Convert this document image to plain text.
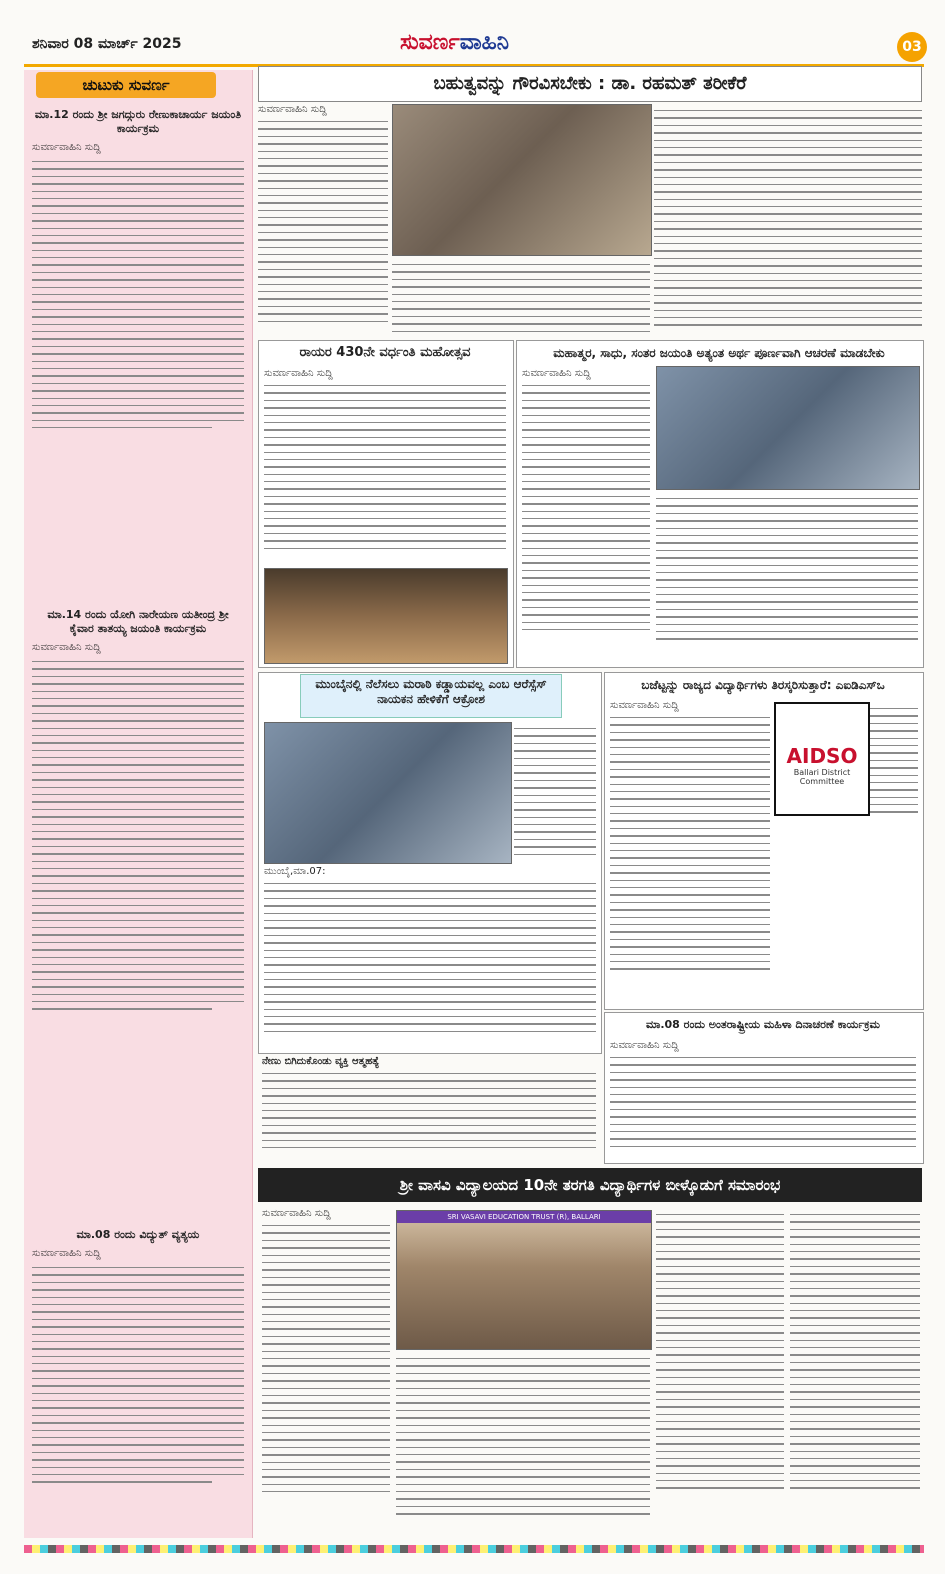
ಶನಿವಾರ 08 ಮಾರ್ಚ್ 2025	ಸುವರ್ಣವಾಹಿನಿ	03
ಚುಟುಕು ಸುವರ್ಣ
ಮಾ.12 ರಂದು ಶ್ರೀ ಜಗದ್ಗುರು ರೇಣುಕಾಚಾರ್ಯ ಜಯಂತಿ ಕಾರ್ಯಕ್ರಮ
ಸುವರ್ಣವಾಹಿನಿ ಸುದ್ದಿ
ಮಾ.14 ರಂದು ಯೋಗಿ ನಾರೇಯಣ ಯತೀಂದ್ರ ಶ್ರೀ ಕೈವಾರ ತಾತಯ್ಯ ಜಯಂತಿ ಕಾರ್ಯಕ್ರಮ
ಸುವರ್ಣವಾಹಿನಿ ಸುದ್ದಿ
ಮಾ.08 ರಂದು ವಿದ್ಯುತ್ ವ್ಯತ್ಯಯ
ಸುವರ್ಣವಾಹಿನಿ ಸುದ್ದಿ
ಬಹುತ್ವವನ್ನು ಗೌರವಿಸಬೇಕು : ಡಾ. ರಹಮತ್ ತರೀಕೆರೆ
ಸುವರ್ಣವಾಹಿನಿ ಸುದ್ದಿ
ರಾಯರ 430ನೇ ವರ್ಧಂತಿ ಮಹೋತ್ಸವ
ಸುವರ್ಣವಾಹಿನಿ ಸುದ್ದಿ
ಮಹಾತ್ಮರ, ಸಾಧು, ಸಂತರ ಜಯಂತಿ ಅತ್ಯಂತ ಅರ್ಥ ಪೂರ್ಣವಾಗಿ ಆಚರಣೆ ಮಾಡಬೇಕು
ಸುವರ್ಣವಾಹಿನಿ ಸುದ್ದಿ
ಮುಂಬೈನಲ್ಲಿ ನೆಲೆಸಲು ಮರಾಠಿ ಕಡ್ಡಾಯವಲ್ಲ ಎಂಬ ಆರೆಸ್ಸೆಸ್ ನಾಯಕನ ಹೇಳಿಕೆಗೆ ಆಕ್ರೋಶ
ಮುಂಬೈ,ಮಾ.07:
ಬಜೆಟ್ಟನ್ನು ರಾಜ್ಯದ ವಿದ್ಯಾರ್ಥಿಗಳು ತಿರಸ್ಕರಿಸುತ್ತಾರೆ: ಎಐಡಿಎಸ್ಒ
ಸುವರ್ಣವಾಹಿನಿ ಸುದ್ದಿ
AIDSO
Ballari District Committee
ಮಾ.08 ರಂದು ಅಂತರಾಷ್ಟ್ರೀಯ ಮಹಿಳಾ ದಿನಾಚರಣೆ ಕಾರ್ಯಕ್ರಮ
ಸುವರ್ಣವಾಹಿನಿ ಸುದ್ದಿ
ನೇಣು ಬಿಗಿದುಕೊಂಡು ವ್ಯಕ್ತಿ ಆತ್ಮಹತ್ಯೆ
ಶ್ರೀ ವಾಸವಿ ವಿದ್ಯಾಲಯದ 10ನೇ ತರಗತಿ ವಿದ್ಯಾರ್ಥಿಗಳ ಬೀಳ್ಕೊಡುಗೆ ಸಮಾರಂಭ
ಸುವರ್ಣವಾಹಿನಿ ಸುದ್ದಿ	SRI VASAVI EDUCATION TRUST (R), BALLARI
